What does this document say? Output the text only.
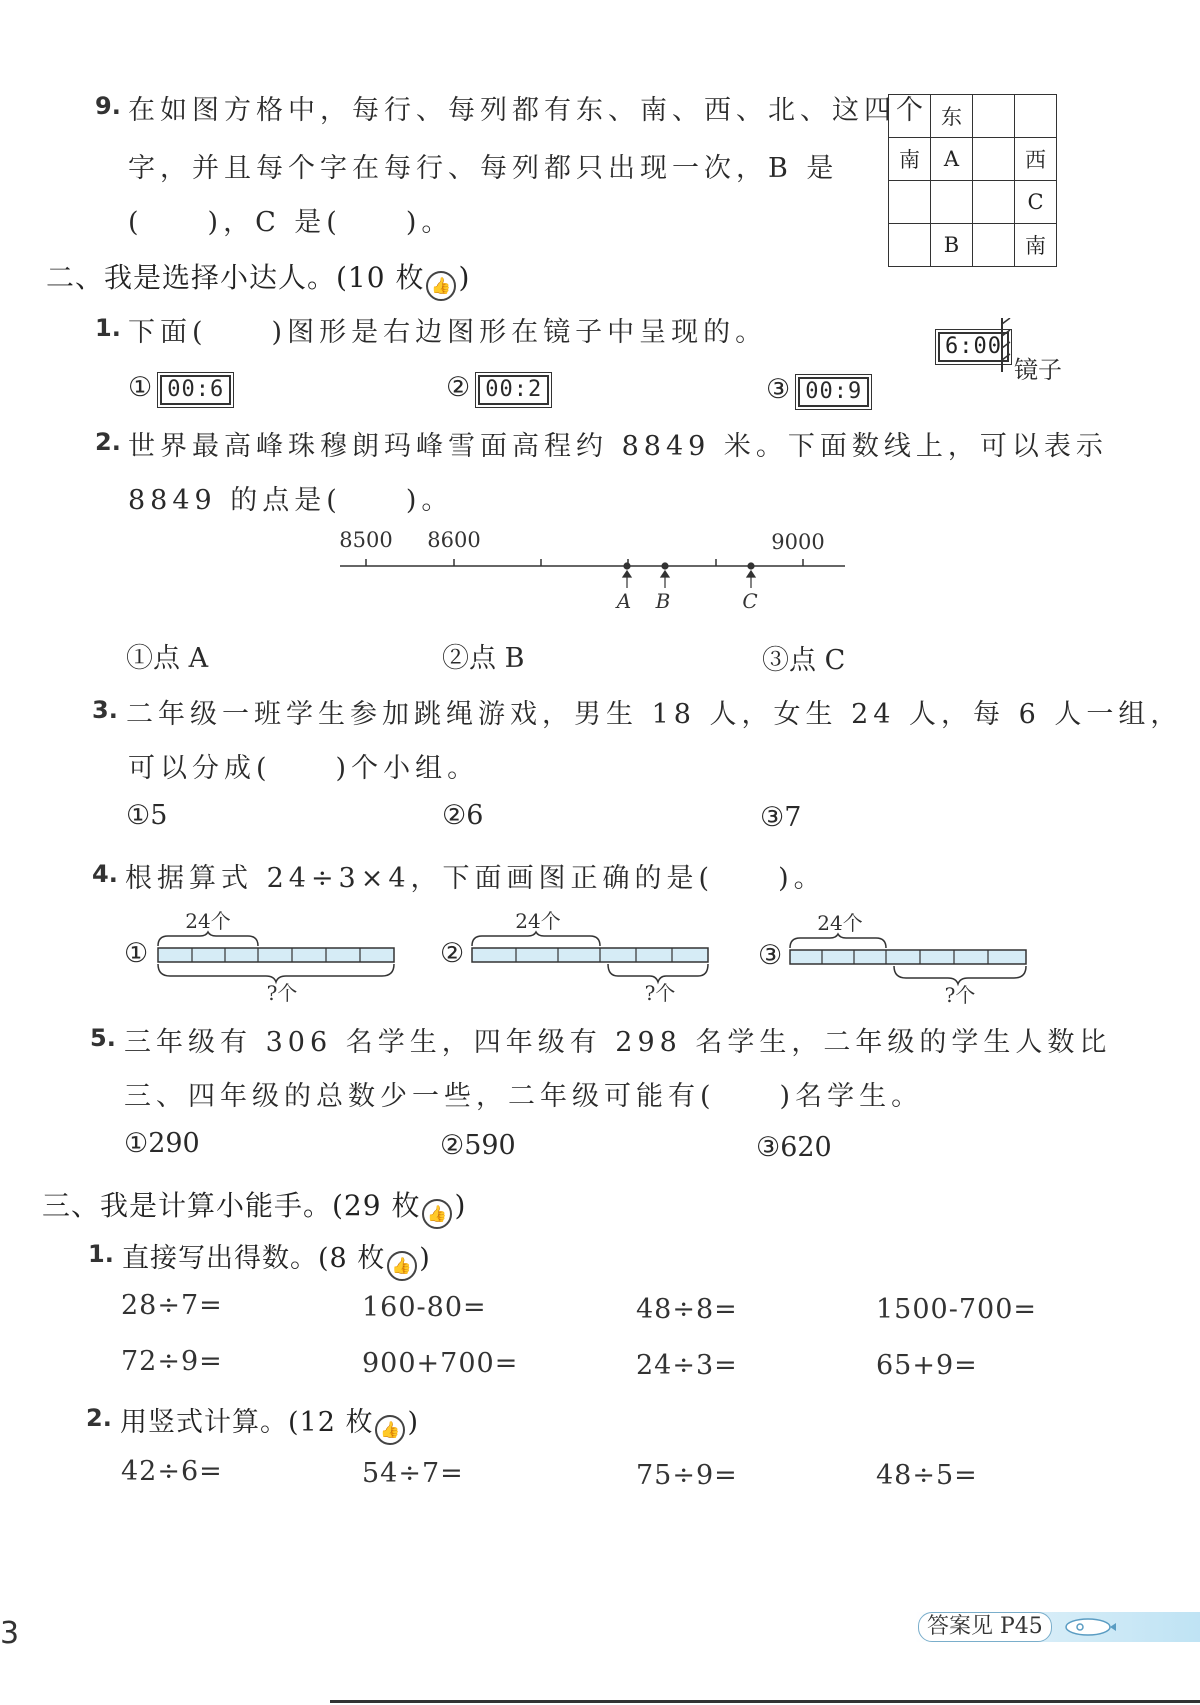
9. 在如图方格中，每行、每列都有东、南、西、北、这四个
字，并且每个字在每行、每列都只出现一次，B 是
(　　)，C 是(　　)。
	东		
南	A		西
			C
	B		南
二、我是选择小达人。(10 枚 👍 )
1. 下面(　　)图形是右边图形在镜子中呈现的。	6:00
镜子
① 00:6	② 00:2	③ 00:9
2. 世界最高峰珠穆朗玛峰雪面高程约 8849 米。下面数线上，可以表示
8849 的点是(　　)。
8500 8600	9000
A B	C
①点 A	②点 B	③点 C
3. 二年级一班学生参加跳绳游戏，男生 18 人，女生 24 人，每 6 人一组，
可以分成(　　)个小组。
①5	②6	③7
4. 根据算式 24÷3×4，下面画图正确的是(　　)。
①
24个
?个
②
24个
?个
③
24个
?个
5. 三年级有 306 名学生，四年级有 298 名学生，二年级的学生人数比
三、四年级的总数少一些，二年级可能有(　　)名学生。
①290	②590	③620
三、我是计算小能手。(29 枚 👍 )
1. 直接写出得数。(8 枚 👍 )
28÷7=	160-80=	48÷8=	1500-700=
72÷9=	900+700=	24÷3=	65+9=
2. 用竖式计算。(12 枚 👍 )
42÷6=	54÷7=	75÷9=	48÷5=
3	答案见 P45
